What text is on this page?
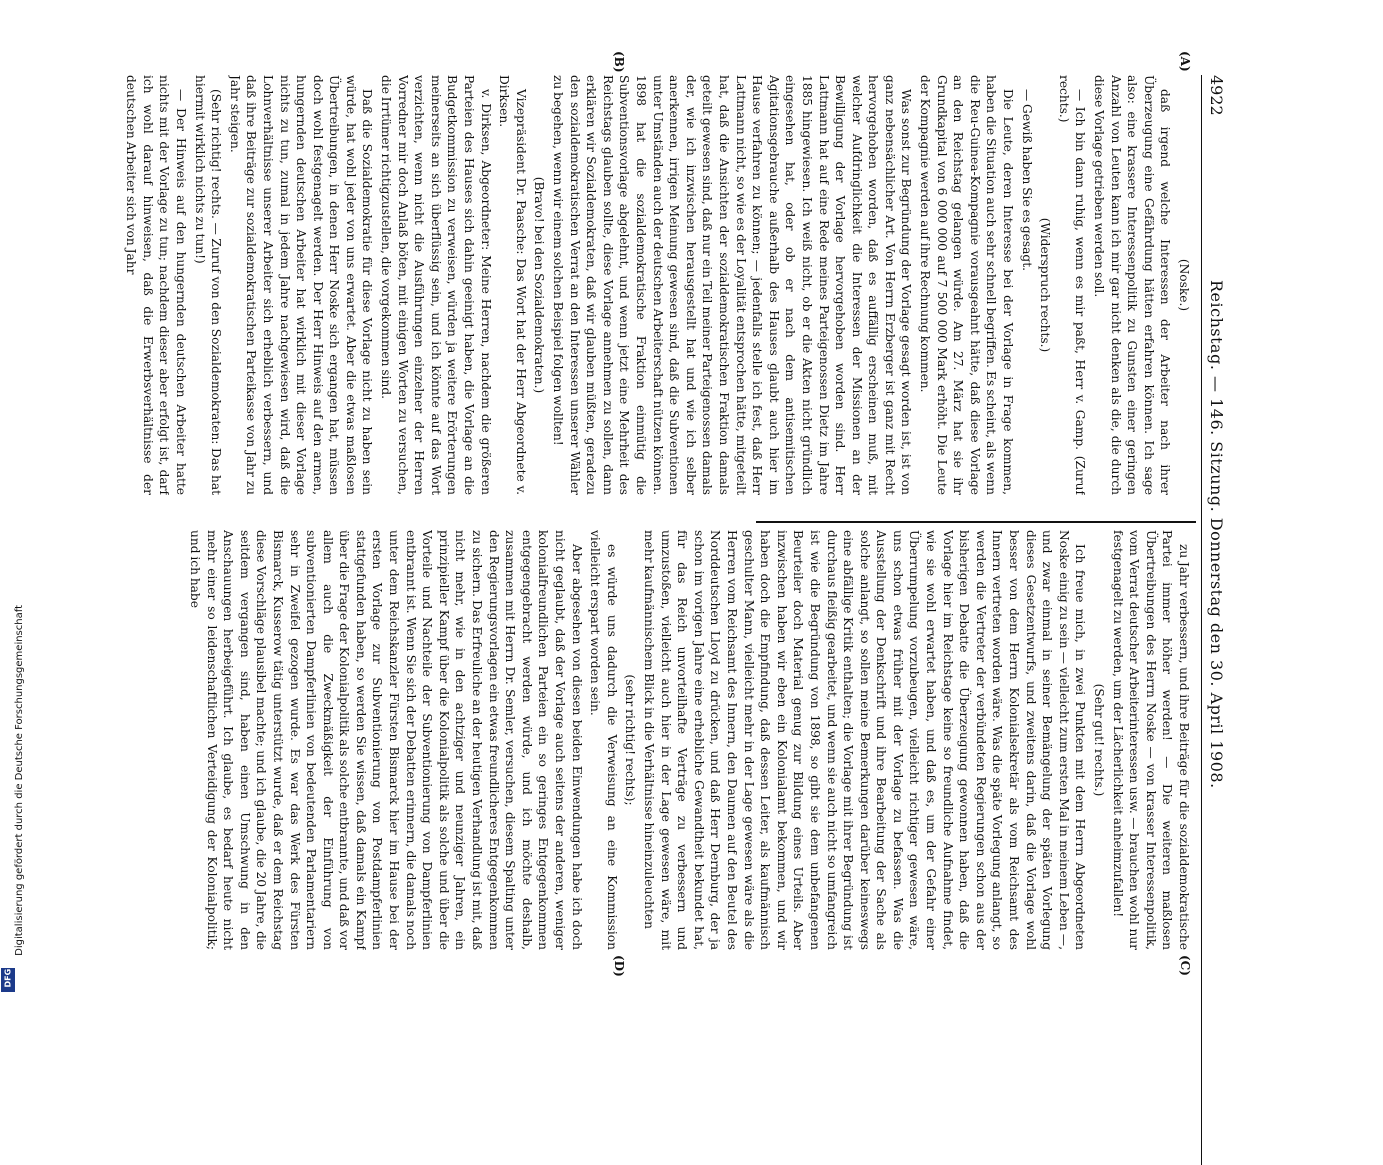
4922
Reichstag. — 146. Sitzung. Donnerstag den 30. April 1908.

(Noske.)

daß irgend welche Interessen der Arbeiter nach ihrer Überzeugung eine Gefährdung hätten erfahren können. Ich sage also: eine krassere Interessenpolitik zu Gunsten einer geringen Anzahl von Leuten kann ich mir gar nicht denken als die, die durch diese Vorlage getrieben werden soll.

— Ich bin dann ruhig, wenn es mir paßt, Herr v. Gamp. (Zuruf rechts.)

(Widerspruch rechts.)

— Gewiß haben Sie es gesagt.

Die Leute, deren Interesse bei der Vorlage in Frage kommen, haben die Situation auch sehr schnell begriffen. Es scheint, als wenn die Reu-Guinea-Kompagnie vorausgeahnt hätte, daß diese Vorlage an den Reichstag gelangen würde. Am 27. März hat sie ihr Grundkapital von 6 000 000 auf 7 500 000 Mark erhöht. Die Leute der Kompagnie werden auf ihre Rechnung kommen.

Was sonst zur Begründung der Vorlage gesagt worden ist, ist von ganz nebensächlicher Art. Von Herrn Erzberger ist ganz mit Recht hervorgehoben worden, daß es auffällig erscheinen muß, mit welcher Aufdringlichkeit die Interessen der Missionen an der Bewilligung der Vorlage hervorgehoben worden sind. Herr Lattmann hat auf eine Rede meines Parteigenossen Dietz im Jahre 1885 hingewiesen. Ich weiß nicht, ob er die Akten nicht gründlich eingesehen hat, oder ob er nach dem antisemitischen Agitationsgebrauche außerhalb des Hauses glaubt auch hier im Hause verfahren zu können; — jedenfalls stelle ich fest, daß Herr Lattmann nicht, so wie es der Loyalität entsprochen hätte, mitgeteilt hat, daß die Ansichten der sozialdemokratischen Fraktion damals geteilt gewesen sind, daß nur ein Teil meiner Parteigenossen damals der, wie ich inzwischen herausgestellt hat und wie ich selber anerkennen, irrigen Meinung gewesen sind, daß die Subventionen unter Umständen auch der deutschen Arbeiterschaft nützen können. 1898 hat die sozialdemokratische Fraktion einmütig die Subventionsvorlage abgelehnt, und wenn jetzt eine Mehrheit des Reichstags glauben sollte, diese Vorlage annehmen zu sollen, dann erklären wir Sozialdemokraten, daß wir glauben müßten, geradezu den sozialdemokratischen Verrat an den Interessen unserer Wähler zu begehen, wenn wir einem solchen Beispiel folgen wollten!

(Bravo! bei den Sozialdemokraten.)

Vizepräsident Dr. Paasche: Das Wort hat der Herr Abgeordnete v. Dirksen.

v. Dirksen, Abgeordneter: Meine Herren, nachdem die größeren Parteien des Hauses sich dahin geeinigt haben, die Vorlage an die Budgetkommission zu verweisen, würden ja weitere Erörterungen meinerseits an sich überflüssig sein, und ich könnte auf das Wort verzichten, wenn nicht die Ausführungen einzelner der Herren Vorredner mir doch Anlaß böten, mit einigen Worten zu versuchen, die Irrtümer richtigzustellen, die vorgekommen sind.

Daß die Sozialdemokratie für diese Vorlage nicht zu haben sein würde, hat wohl jeder von uns erwartet. Aber die etwas maßlosen Übertreibungen, in denen Herr Noske sich ergangen hat, müssen doch wohl festgenagelt werden. Der Herr Hinweis auf den armen, hungernden deutschen Arbeiter hat wirklich mit dieser Vorlage nichts zu tun, zumal in jedem Jahre nachgewiesen wird, daß die Lohnverhältnisse unserer Arbeiter sich erheblich verbessern, und daß ihre Beiträge zur sozialdemokratischen Parteikasse von Jahr zu Jahr steigen.

(Sehr richtig! rechts. — Zuruf von den Sozialdemokraten: Das hat hiermit wirklich nichts zu tun!)

— Der Hinweis auf den hungernden deutschen Arbeiter hatte nichts mit der Vorlage zu tun; nachdem dieser aber erfolgt ist, darf ich wohl darauf hinweisen, daß die Erwerbsverhältnisse der deutschen Arbeiter sich von Jahr

zu Jahr verbessern, und ihre Beiträge für die sozialdemokratische Partei immer höher werden! — Die weiteren maßlosen Übertreibungen des Herrn Noske — von krasser Interessenpolitik, vom Verrat deutscher Arbeiterinteressen usw. — brauchen wohl nur festgenagelt zu werden, um der Lächerlichkeit anheimzufallen!

(Sehr gut! rechts.)

Ich freue mich, in zwei Punkten mit dem Herrn Abgeordneten Noske einig zu sein — vielleicht zum ersten Mal in meinem Leben —, und zwar einmal in seiner Bemängelung der späten Vorlegung dieses Gesetzentwurfs, und zweitens darin, daß die Vorlage wohl besser von dem Herrn Kolonialsekretär als vom Reichsamt des Innern vertreten worden wäre. Was die späte Vorlegung anlangt, so werden die Vertreter der verbündeten Regierungen schon aus der bisherigen Debatte die Überzeugung gewonnen haben, daß die Vorlage hier im Reichstage keine so freundliche Aufnahme findet, wie sie wohl erwartet haben, und daß es, um der Gefahr einer Überrumpelung vorzubeugen, vielleicht richtiger gewesen wäre, uns schon etwas früher mit der Vorlage zu befassen. Was die Ausstellung der Denkschrift und ihre Bearbeitung der Sache als solche anlangt, so sollen meine Bemerkungen darüber keineswegs eine abfällige Kritik enthalten; die Vorlage mit ihrer Begründung ist durchaus fleißig gearbeitet, und wenn sie auch nicht so umfangreich ist wie die Begründung von 1898, so gibt sie dem unbefangenen Beurteiler doch Material genug zur Bildung eines Urteils. Aber inzwischen haben wir eben ein Kolonialamt bekommen, und wir haben doch die Empfindung, daß dessen Leiter, als kaufmännisch geschulter Mann, vielleicht mehr in der Lage gewesen wäre als die Herren vom Reichsamt des Innern, den Daumen auf den Beutel des Norddeutschen Lloyd zu drücken, und daß Herr Dernburg, der ja schon im vorigen Jahre eine erhebliche Gewandtheit bekundet hat, für das Reich unvorteilhafte Verträge zu verbessern und umzustoßen, vielleicht auch hier in der Lage gewesen wäre, mit mehr kaufmännischem Blick in die Verhältnisse hineinzuleuchten

(sehr richtig! rechts);

es würde uns dadurch die Verweisung an eine Kommission vielleicht erspart worden sein.

Aber abgesehen von diesen beiden Einwendungen habe ich doch nicht geglaubt, daß der Vorlage auch seitens der anderen, weniger kolonialfreundlichen Parteien ein so geringes Entgegenkommen entgegengebracht werden würde, und ich möchte deshalb, zusammen mit Herrn Dr. Semler, versuchen, diesem Spalting unter den Regierungsvorlagen ein etwas freundlicheres Entgegenkommen zu sichern. Das Erfreuliche an der heutigen Verhandlung ist mit, daß nicht mehr, wie in den achtziger und neunziger Jahren, ein prinzipieller Kampf über die Kolonialpolitik als solche und über die Vorteile und Nachteile der Subventionierung von Dampferlinien entbrannt ist. Wenn Sie sich der Debatten erinnern, die damals noch unter dem Reichskanzler Fürsten Bismarck hier im Hause bei der ersten Vorlage zur Subventionierung von Postdampferlinien stattgefunden haben, so werden Sie wissen, daß damals ein Kampf über die Frage der Kolonialpolitik als solche entbrannte, und daß vor allem auch die Zweckmäßigkeit der Einführung von subventionierten Dampferlinien von bedeutenden Parlamentariern sehr in Zweifel gezogen wurde. Es war das Werk des Fürsten Bismarck, Kusserow tätig unterstützt wurde, daß er dem Reichstag diese Vorschläge plausibel machte; und ich glaube, die 20 Jahre, die seitdem vergangen sind, haben einen Umschwung in den Anschauungen herbeigeführt. Ich glaube, es bedarf heute nicht mehr einer so leidenschaftlichen Verteidigung der Kolonialpolitik; und ich habe

(A)
(B)
(C)
(D)
Digitalisierung gefördert durch die Deutsche Forschungsgemeinschaft
DFG
